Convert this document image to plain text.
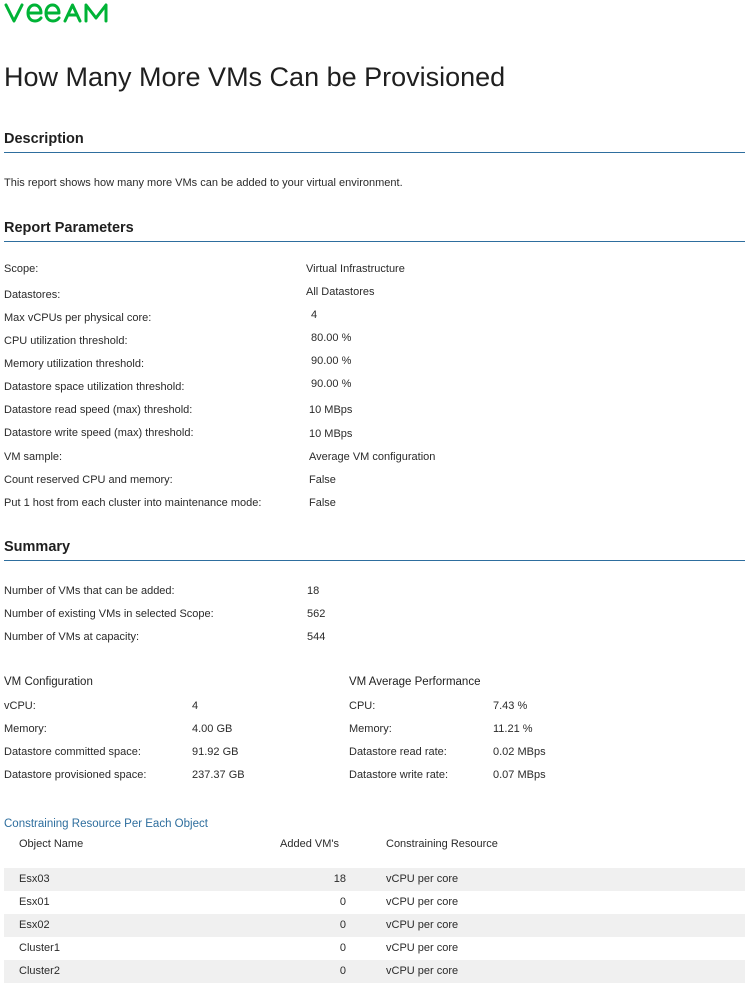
How Many More VMs Can be Provisioned
Description
This report shows how many more VMs can be added to your virtual environment.
Report Parameters
Scope:	Virtual Infrastructure
Datastores:	All Datastores
Max vCPUs per physical core:	4
CPU utilization threshold:	80.00 %
Memory utilization threshold:	90.00 %
Datastore space utilization threshold:	90.00 %
Datastore read speed (max) threshold:	10 MBps
Datastore write speed (max) threshold:	10 MBps
VM sample:	Average VM configuration
Count reserved CPU and memory:	False
Put 1 host from each cluster into maintenance mode:	False
Summary
Number of VMs that can be added:	18
Number of existing VMs in selected Scope:	562
Number of VMs at capacity:	544
VM Configuration
vCPU:	4
Memory:	4.00 GB
Datastore committed space:	91.92 GB
Datastore provisioned space:	237.37 GB
VM Average Performance
CPU:	7.43 %
Memory:	11.21 %
Datastore read rate:	0.02 MBps
Datastore write rate:	0.07 MBps
Constraining Resource Per Each Object
Object Name	Added VM's	Constraining Resource
Esx03	18	vCPU per core
Esx01	0	vCPU per core
Esx02	0	vCPU per core
Cluster1	0	vCPU per core
Cluster2	0	vCPU per core
